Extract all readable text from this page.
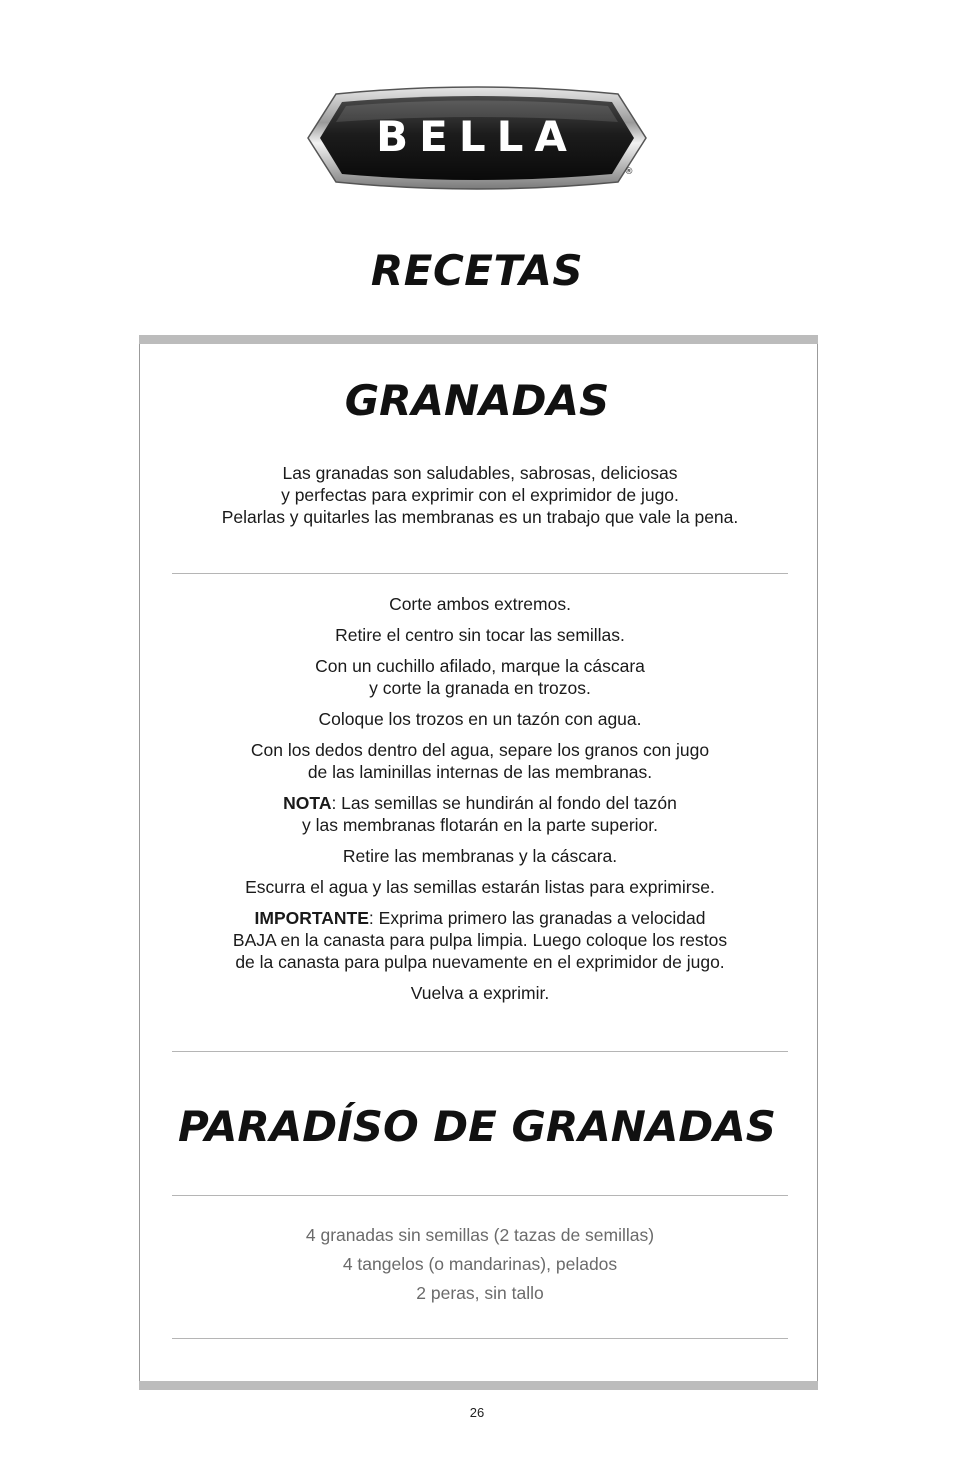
BELLA
®
RECETAS
GRANADAS
Las granadas son saludables, sabrosas, deliciosas
y perfectas para exprimir con el exprimidor de jugo.
Pelarlas y quitarles las membranas es un trabajo que vale la pena.
Corte ambos extremos.
Retire el centro sin tocar las semillas.
Con un cuchillo afilado, marque la cáscara
y corte la granada en trozos.
Coloque los trozos en un tazón con agua.
Con los dedos dentro del agua, separe los granos con jugo
de las laminillas internas de las membranas.
NOTA: Las semillas se hundirán al fondo del tazón
y las membranas flotarán en la parte superior.
Retire las membranas y la cáscara.
Escurra el agua y las semillas estarán listas para exprimirse.
IMPORTANTE: Exprima primero las granadas a velocidad
BAJA en la canasta para pulpa limpia. Luego coloque los restos
de la canasta para pulpa nuevamente en el exprimidor de jugo.
Vuelva a exprimir.
PARADÍSO DE GRANADAS
4 granadas sin semillas (2 tazas de semillas)
4 tangelos (o mandarinas), pelados
2 peras, sin tallo
26
